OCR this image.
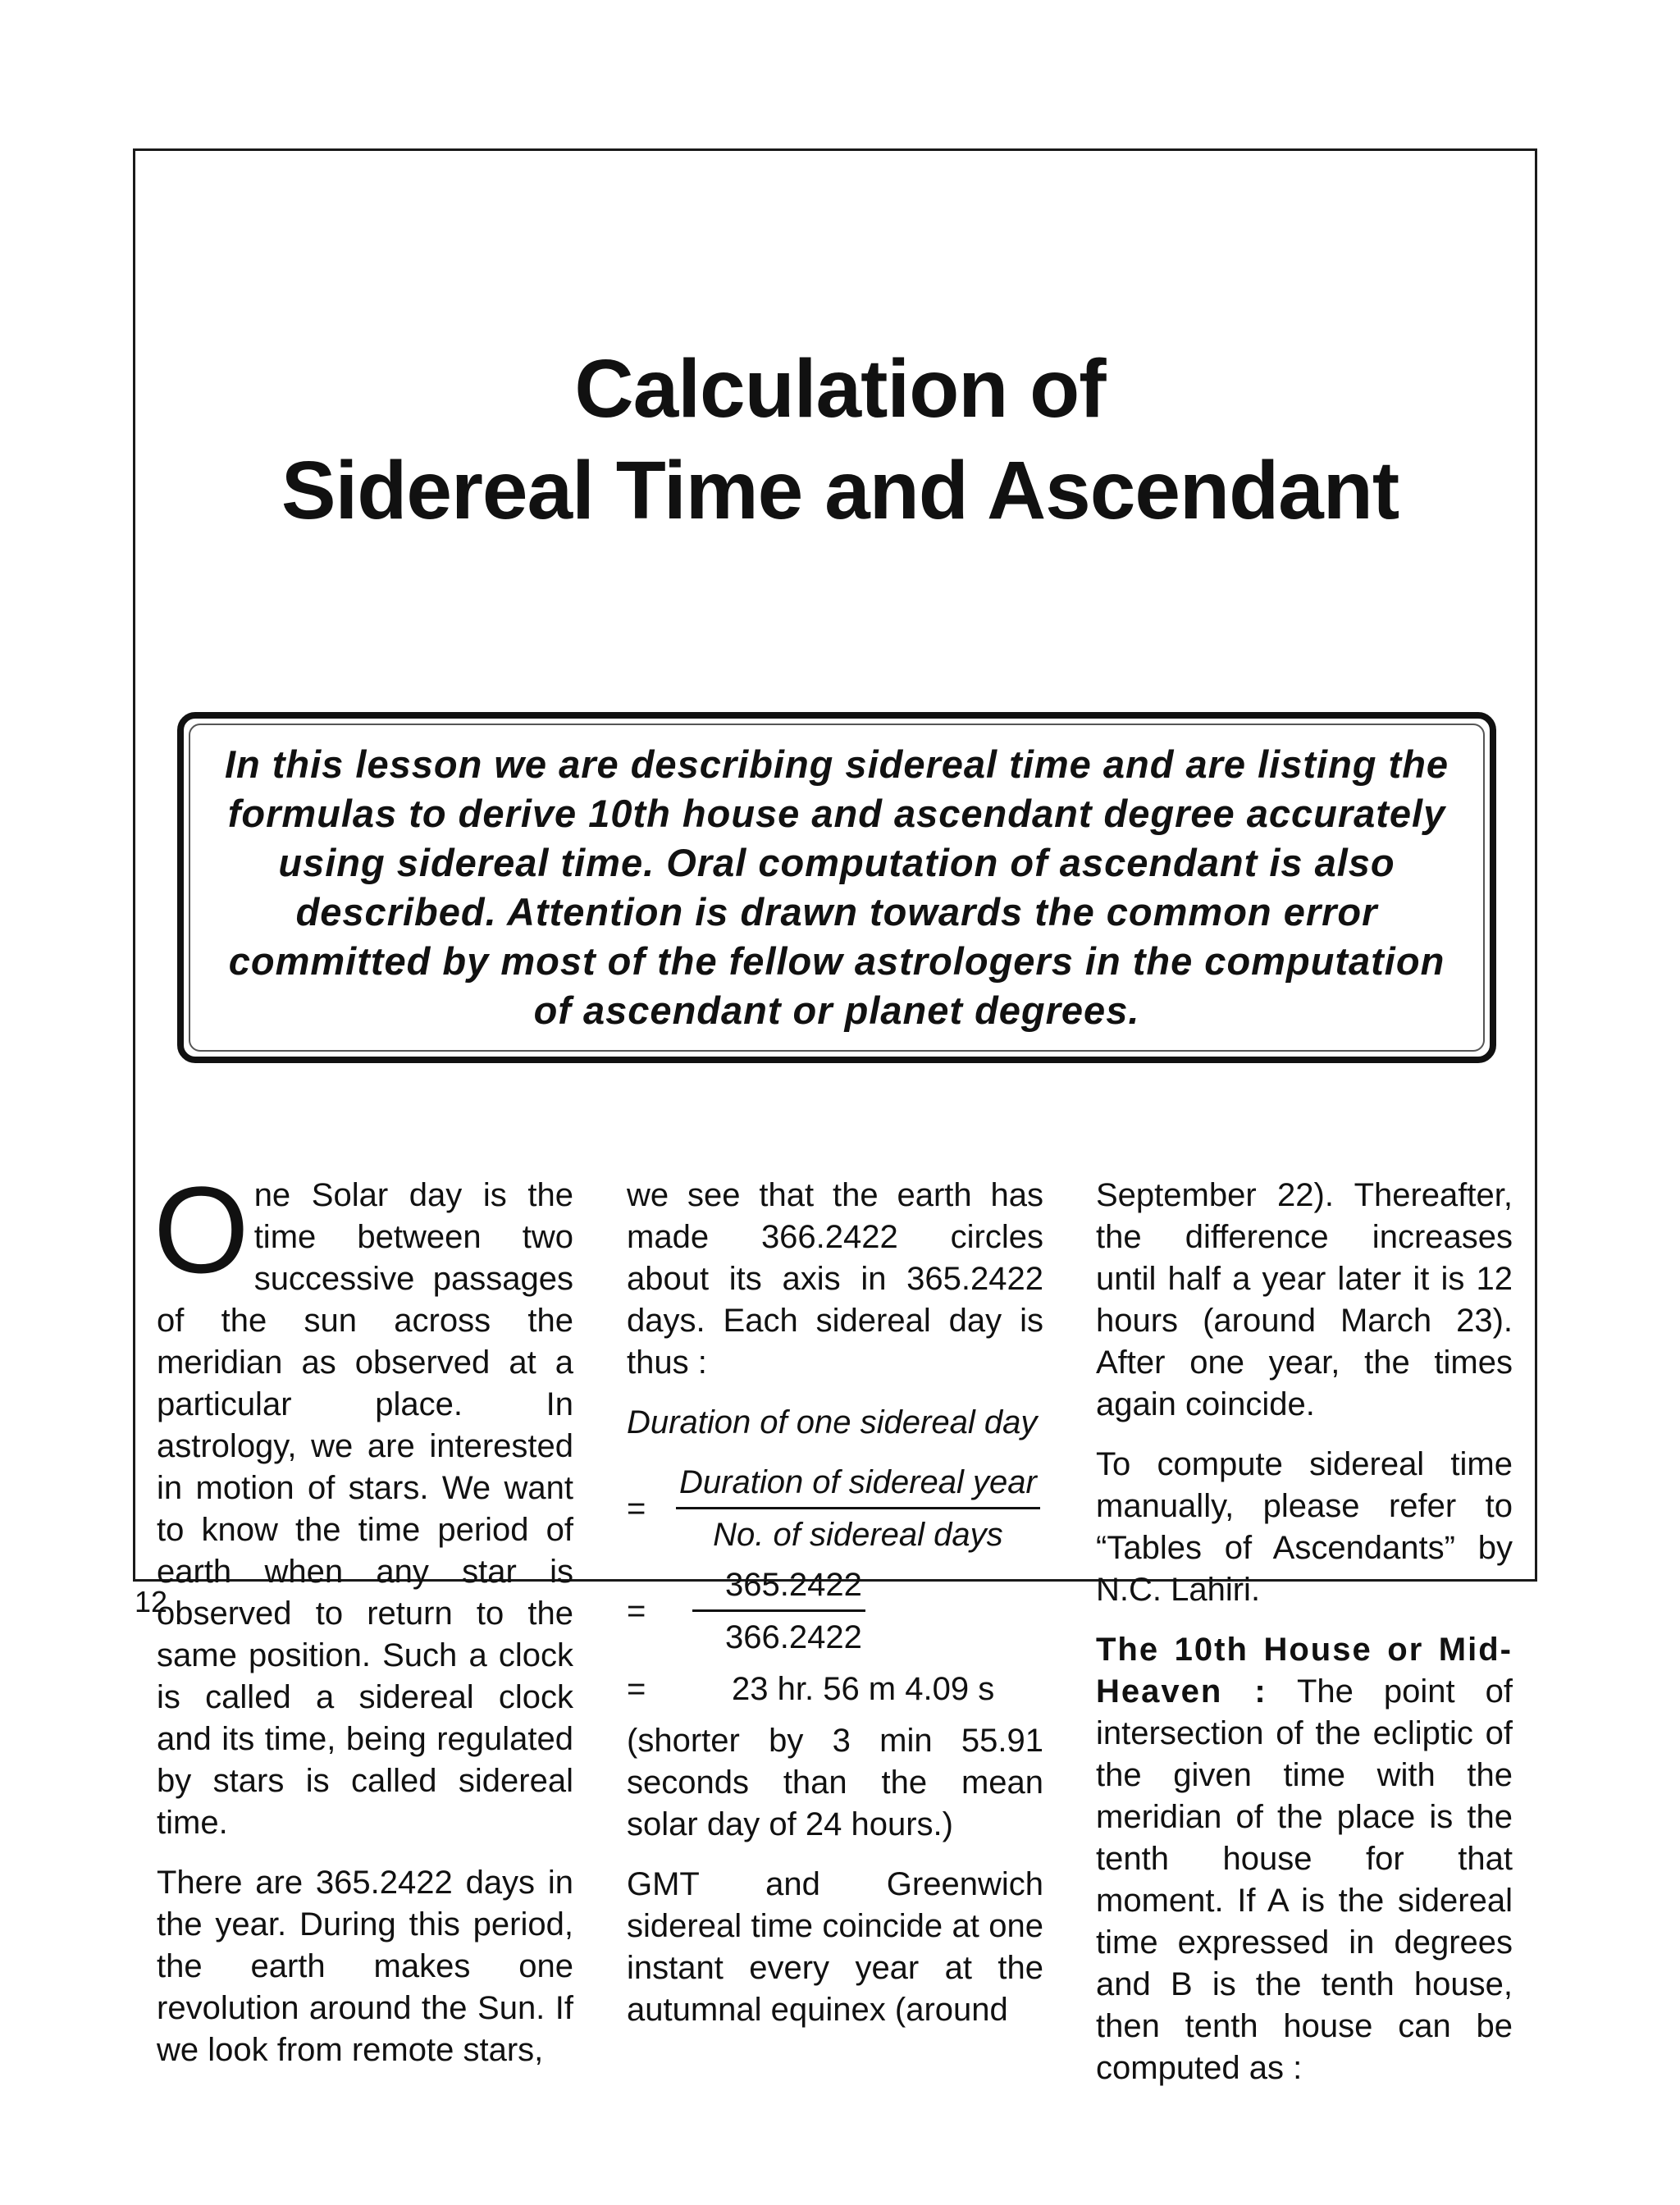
Calculation of
Sidereal Time and Ascendant

In this lesson we are describing sidereal time and are listing the formulas to derive 10th house and ascendant degree accurately using sidereal time. Oral computation of ascendant is also described. Attention is drawn towards the common error committed by most of the fellow astrologers in the computation of ascendant or planet degrees.

One Solar day is the time between two successive passages of the sun across the meridian as observed at a particular place. In astrology, we are interested in motion of stars. We want to know the time period of earth when any star is observed to return to the same position. Such a clock is called a sidereal clock and its time, being regulated by stars is called sidereal time.

There are 365.2422 days in the year. During this period, the earth makes one revolution around the Sun. If we look from remote stars,

we see that the earth has made 366.2422 circles about its axis in 365.2422 days. Each sidereal day is thus :

Duration of one sidereal day

= $\frac{\text{Duration of sidereal year}}{\text{No. of sidereal days}}$
=	$\frac{365.2422}{366.2422}$
=	23 hr. 56 m 4.09 s

(shorter by 3 min 55.91 seconds than the mean solar day of 24 hours.)

GMT and Greenwich sidereal time coincide at one instant every year at the autumnal equinex (around

September 22). Thereafter, the difference increases until half a year later it is 12 hours (around March 23). After one year, the times again coincide.

To compute sidereal time manually, please refer to “Tables of Ascendants” by N.C. Lahiri.

The 10th House or Mid-Heaven : The point of intersection of the ecliptic of the given time with the meridian of the place is the tenth house for that moment. If A is the sidereal time expressed in degrees and B is the tenth house, then tenth house can be computed as :

12
